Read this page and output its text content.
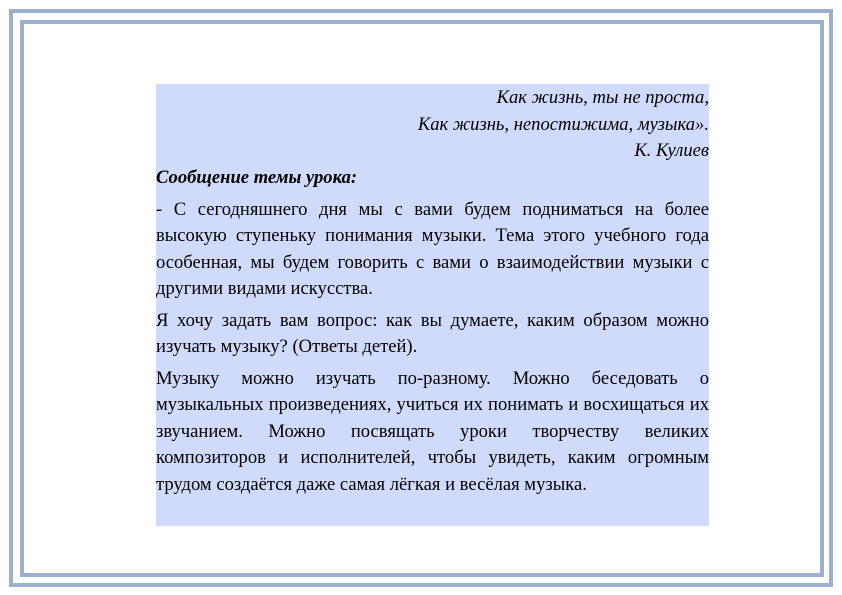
Как жизнь, ты не проста,
Как жизнь, непостижима, музыка».
К. Кулиев
Сообщение темы урока:
- С сегодняшнего дня мы с вами будем подниматься на более высокую ступеньку понимания музыки. Тема этого учебного года особенная, мы будем говорить с вами о взаимодействии музыки с другими видами искусства.
Я хочу задать вам вопрос: как вы думаете, каким образом можно изучать музыку? (Ответы детей).
Музыку можно изучать по-разному. Можно беседовать о музыкальных произведениях, учиться их понимать и восхищаться их звучанием. Можно посвящать уроки творчеству великих композиторов и исполнителей, чтобы увидеть, каким огромным трудом создаётся даже самая лёгкая и весёлая музыка.
